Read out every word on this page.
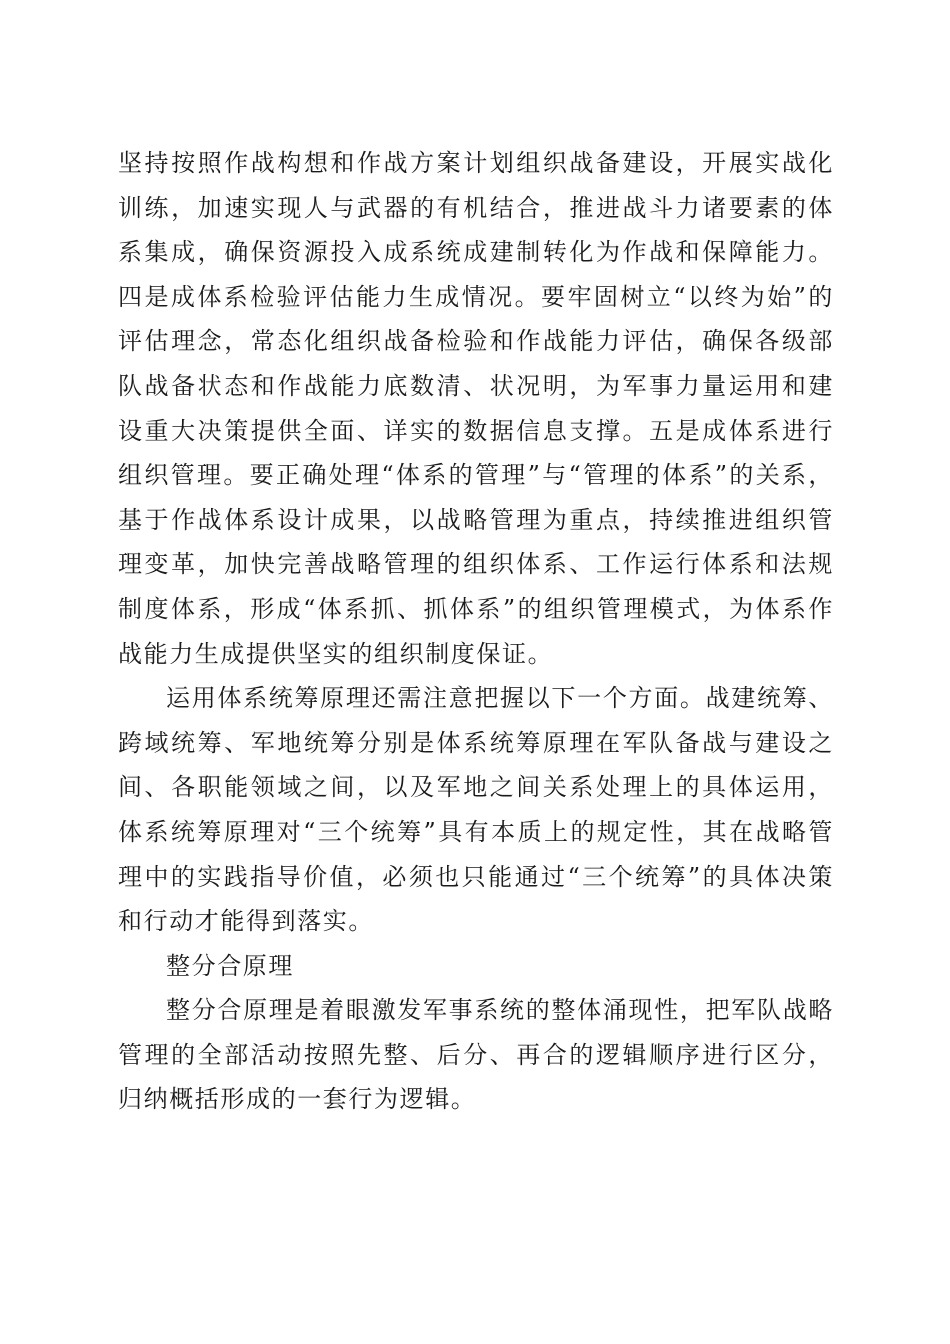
坚持按照作战构想和作战方案计划组织战备建设，开展实战化训练，加速实现人与武器的有机结合，推进战斗力诸要素的体系集成，确保资源投入成系统成建制转化为作战和保障能力。四是成体系检验评估能力生成情况。要牢固树立“以终为始”的评估理念，常态化组织战备检验和作战能力评估，确保各级部队战备状态和作战能力底数清、状况明，为军事力量运用和建设重大决策提供全面、详实的数据信息支撑。五是成体系进行组织管理。要正确处理“体系的管理”与“管理的体系”的关系，基于作战体系设计成果，以战略管理为重点，持续推进组织管理变革，加快完善战略管理的组织体系、工作运行体系和法规制度体系，形成“体系抓、抓体系”的组织管理模式，为体系作战能力生成提供坚实的组织制度保证。

运用体系统筹原理还需注意把握以下一个方面。战建统筹、跨域统筹、军地统筹分别是体系统筹原理在军队备战与建设之间、各职能领域之间，以及军地之间关系处理上的具体运用，体系统筹原理对“三个统筹”具有本质上的规定性，其在战略管理中的实践指导价值，必须也只能通过“三个统筹”的具体决策和行动才能得到落实。

整分合原理

整分合原理是着眼激发军事系统的整体涌现性，把军队战略管理的全部活动按照先整、后分、再合的逻辑顺序进行区分，归纳概括形成的一套行为逻辑。
